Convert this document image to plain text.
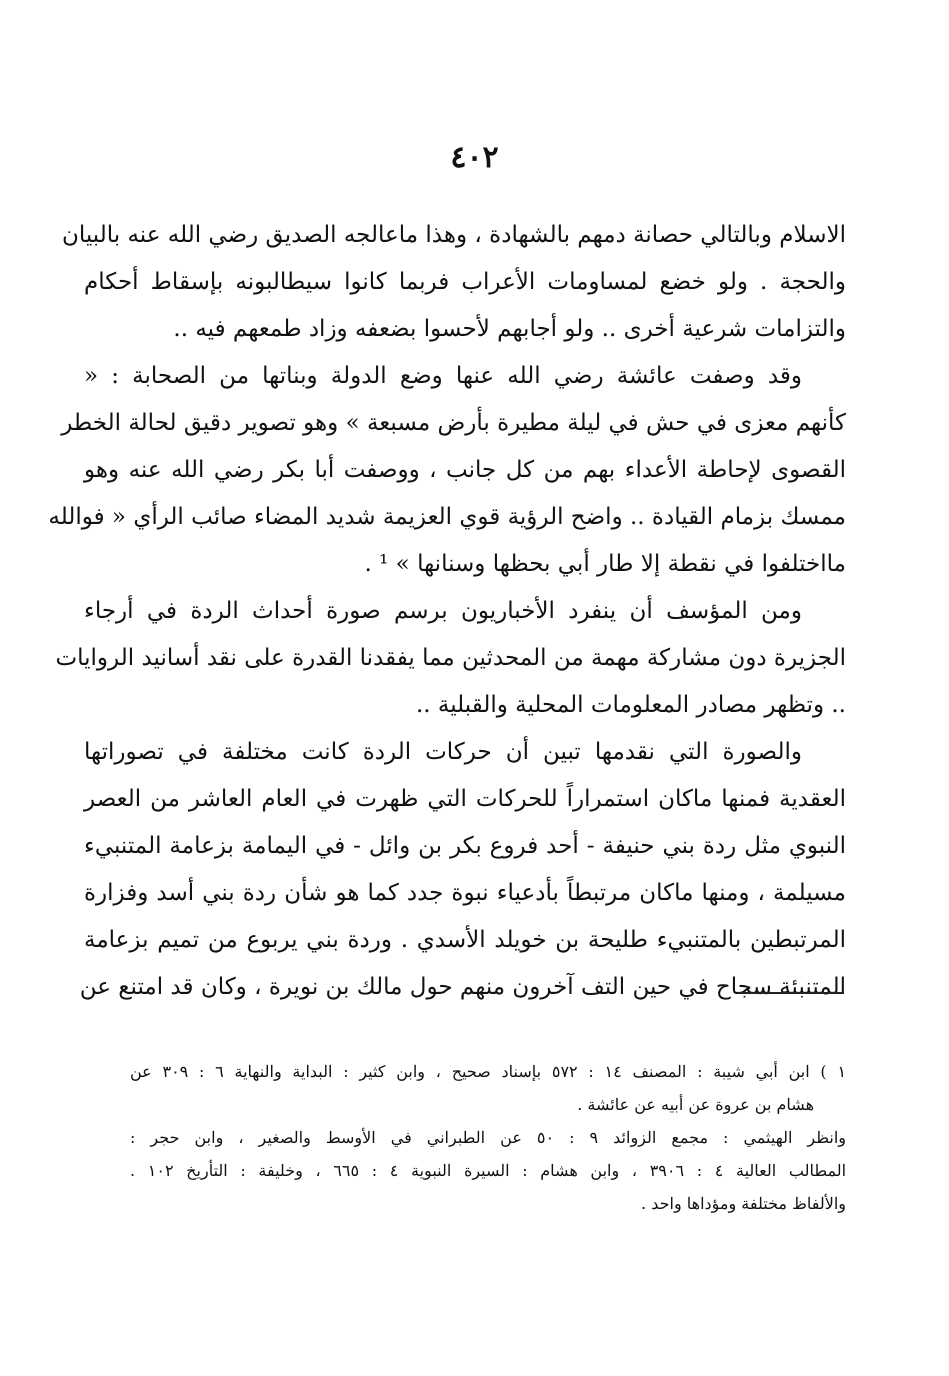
٤٠٢
الاسلام وبالتالي حصانة دمهم بالشهادة ، وهذا ماعالجه الصديق رضي الله عنه بالبيان
والحجة . ولو خضع لمساومات الأعراب فربما كانوا سيطالبونه بإسقاط أحكام
والتزامات شرعية أخرى .. ولو أجابهم لأحسوا بضعفه وزاد طمعهم فيه ..
وقد وصفت عائشة رضي الله عنها وضع الدولة وبناتها من الصحابة : «
كأنهم معزى في حش في ليلة مطيرة بأرض مسبعة » وهو تصوير دقيق لحالة الخطر
القصوى لإحاطة الأعداء بهم من كل جانب ، ووصفت أبا بكر رضي الله عنه وهو
ممسك بزمام القيادة .. واضح الرؤية قوي العزيمة شديد المضاء صائب الرأي « فوالله
مااختلفوا في نقطة إلا طار أبي بحظها وسنانها » ¹ .
ومن المؤسف أن ينفرد الأخباريون برسم صورة أحداث الردة في أرجاء
الجزيرة دون مشاركة مهمة من المحدثين مما يفقدنا القدرة على نقد أسانيد الروايات
.. وتظهر مصادر المعلومات المحلية والقبلية ..
والصورة التي نقدمها تبين أن حركات الردة كانت مختلفة في تصوراتها
العقدية فمنها ماكان استمراراً للحركات التي ظهرت في العام العاشر من العصر
النبوي مثل ردة بني حنيفة - أحد فروع بكر بن وائل - في اليمامة بزعامة المتنبيء
مسيلمة ، ومنها ماكان مرتبطاً بأدعياء نبوة جدد كما هو شأن ردة بني أسد وفزارة
المرتبطين بالمتنبيء طليحة بن خويلد الأسدي . وردة بني يربوع من تميم بزعامة
المتنبئة سجاح في حين التف آخرون منهم حول مالك بن نويرة ، وكان قد امتنع عن
١ ) ابن أبي شيبة : المصنف ١٤ : ٥٧٢ بإسناد صحيح ، وابن كثير : البداية والنهاية ٦ : ٣٠٩ عن
هشام بن عروة عن أبيه عن عائشة .
وانظر الهيثمي : مجمع الزوائد ٩ : ٥٠ عن الطبراني في الأوسط والصغير ، وابن حجر :
المطالب العالية ٤ : ٣٩٠٦ ، وابن هشام : السيرة النبوية ٤ : ٦٦٥ ، وخليفة : التأريخ ١٠٢ .
والألفاظ مختلفة ومؤداها واحد .
